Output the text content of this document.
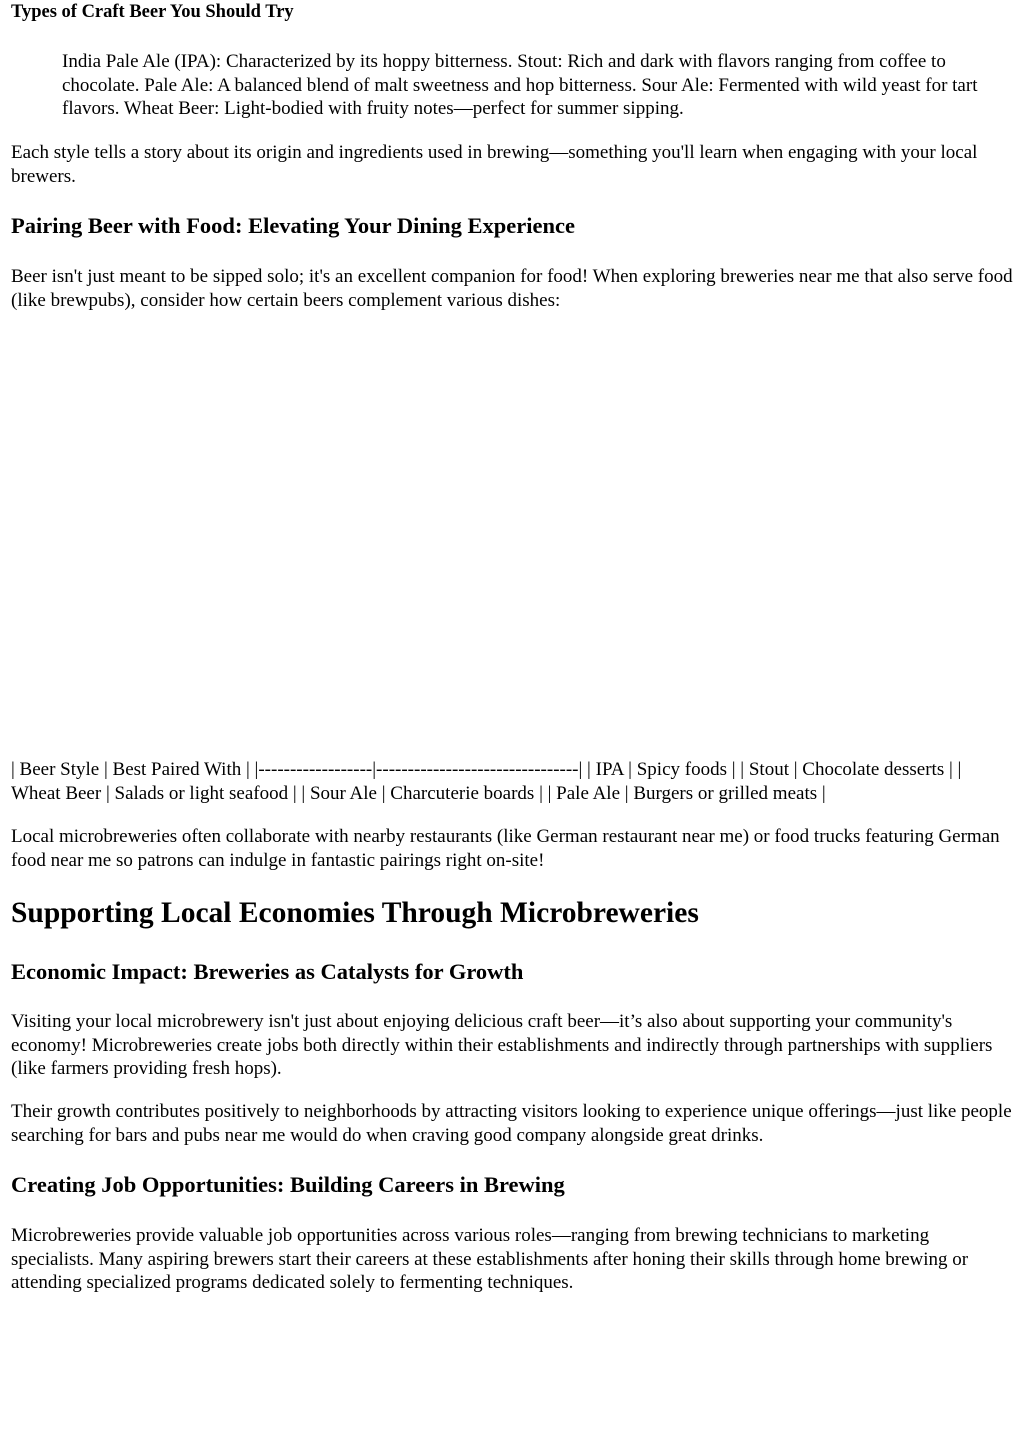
Types of Craft Beer You Should Try
India Pale Ale (IPA): Characterized by its hoppy bitterness. Stout: Rich and dark with flavors ranging from coffee to chocolate. Pale Ale: A balanced blend of malt sweetness and hop bitterness. Sour Ale: Fermented with wild yeast for tart flavors. Wheat Beer: Light-bodied with fruity notes—perfect for summer sipping.

Each style tells a story about its origin and ingredients used in brewing—something you'll learn when engaging with your local brewers.

Pairing Beer with Food: Elevating Your Dining Experience

Beer isn't just meant to be sipped solo; it's an excellent companion for food! When exploring breweries near me that also serve food (like brewpubs), consider how certain beers complement various dishes:

| Beer Style | Best Paired With | |------------------|--------------------------------| | IPA | Spicy foods | | Stout | Chocolate desserts | | Wheat Beer | Salads or light seafood | | Sour Ale | Charcuterie boards | | Pale Ale | Burgers or grilled meats |

Local microbreweries often collaborate with nearby restaurants (like German restaurant near me) or food trucks featuring German food near me so patrons can indulge in fantastic pairings right on-site!

Supporting Local Economies Through Microbreweries
Economic Impact: Breweries as Catalysts for Growth

Visiting your local microbrewery isn't just about enjoying delicious craft beer—it’s also about supporting your community's economy! Microbreweries create jobs both directly within their establishments and indirectly through partnerships with suppliers (like farmers providing fresh hops).

Their growth contributes positively to neighborhoods by attracting visitors looking to experience unique offerings—just like people searching for bars and pubs near me would do when craving good company alongside great drinks.

Creating Job Opportunities: Building Careers in Brewing

Microbreweries provide valuable job opportunities across various roles—ranging from brewing technicians to marketing specialists. Many aspiring brewers start their careers at these establishments after honing their skills through home brewing or attending specialized programs dedicated solely to fermenting techniques.
